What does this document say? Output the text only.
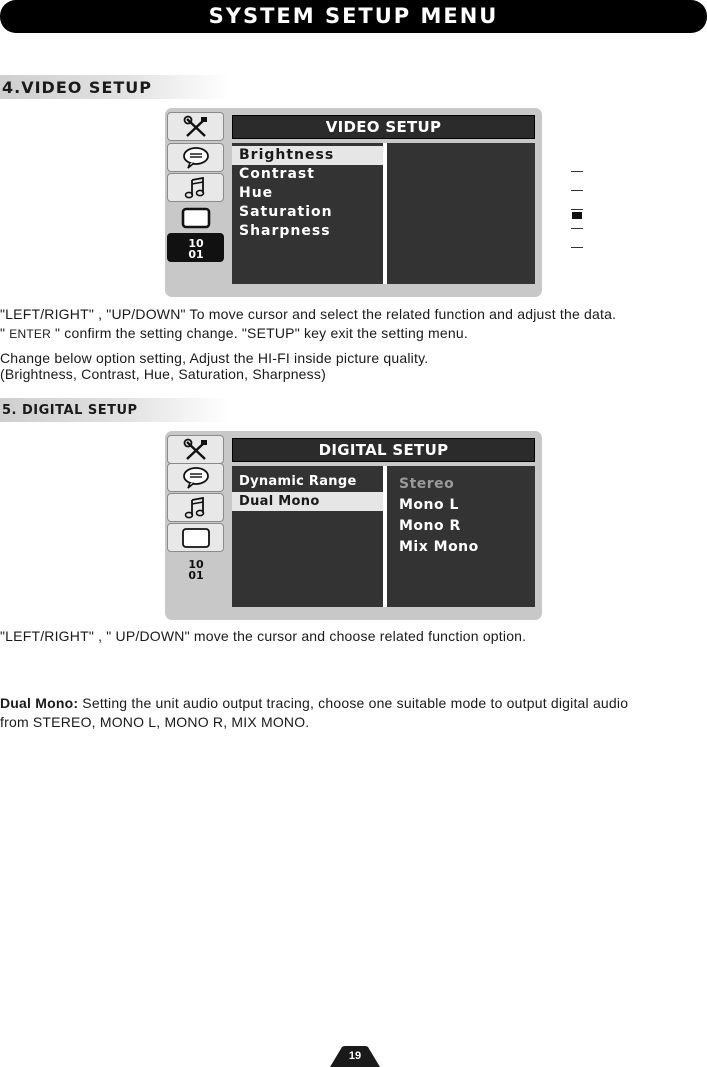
SYSTEM SETUP MENU
4.VIDEO SETUP
10
01
VIDEO SETUP
Brightness
Contrast
Hue
Saturation
Sharpness
12
10
8
6
4
2
0
"LEFT/RIGHT" , "UP/DOWN" To move cursor and select the related function and adjust the data.
" ENTER " confirm the setting change. "SETUP" key exit the setting menu.
Change below option setting, Adjust the HI-FI inside picture quality.
(Brightness, Contrast, Hue, Saturation, Sharpness)
5. DIGITAL SETUP
10
01
DIGITAL SETUP
Dynamic Range
Dual Mono
Stereo
Mono L
Mono R
Mix Mono
"LEFT/RIGHT" , " UP/DOWN" move the cursor and choose related function option.
Dual Mono: Setting the unit audio output tracing, choose one suitable mode to output digital audio
from STEREO, MONO L, MONO R, MIX MONO.
19
